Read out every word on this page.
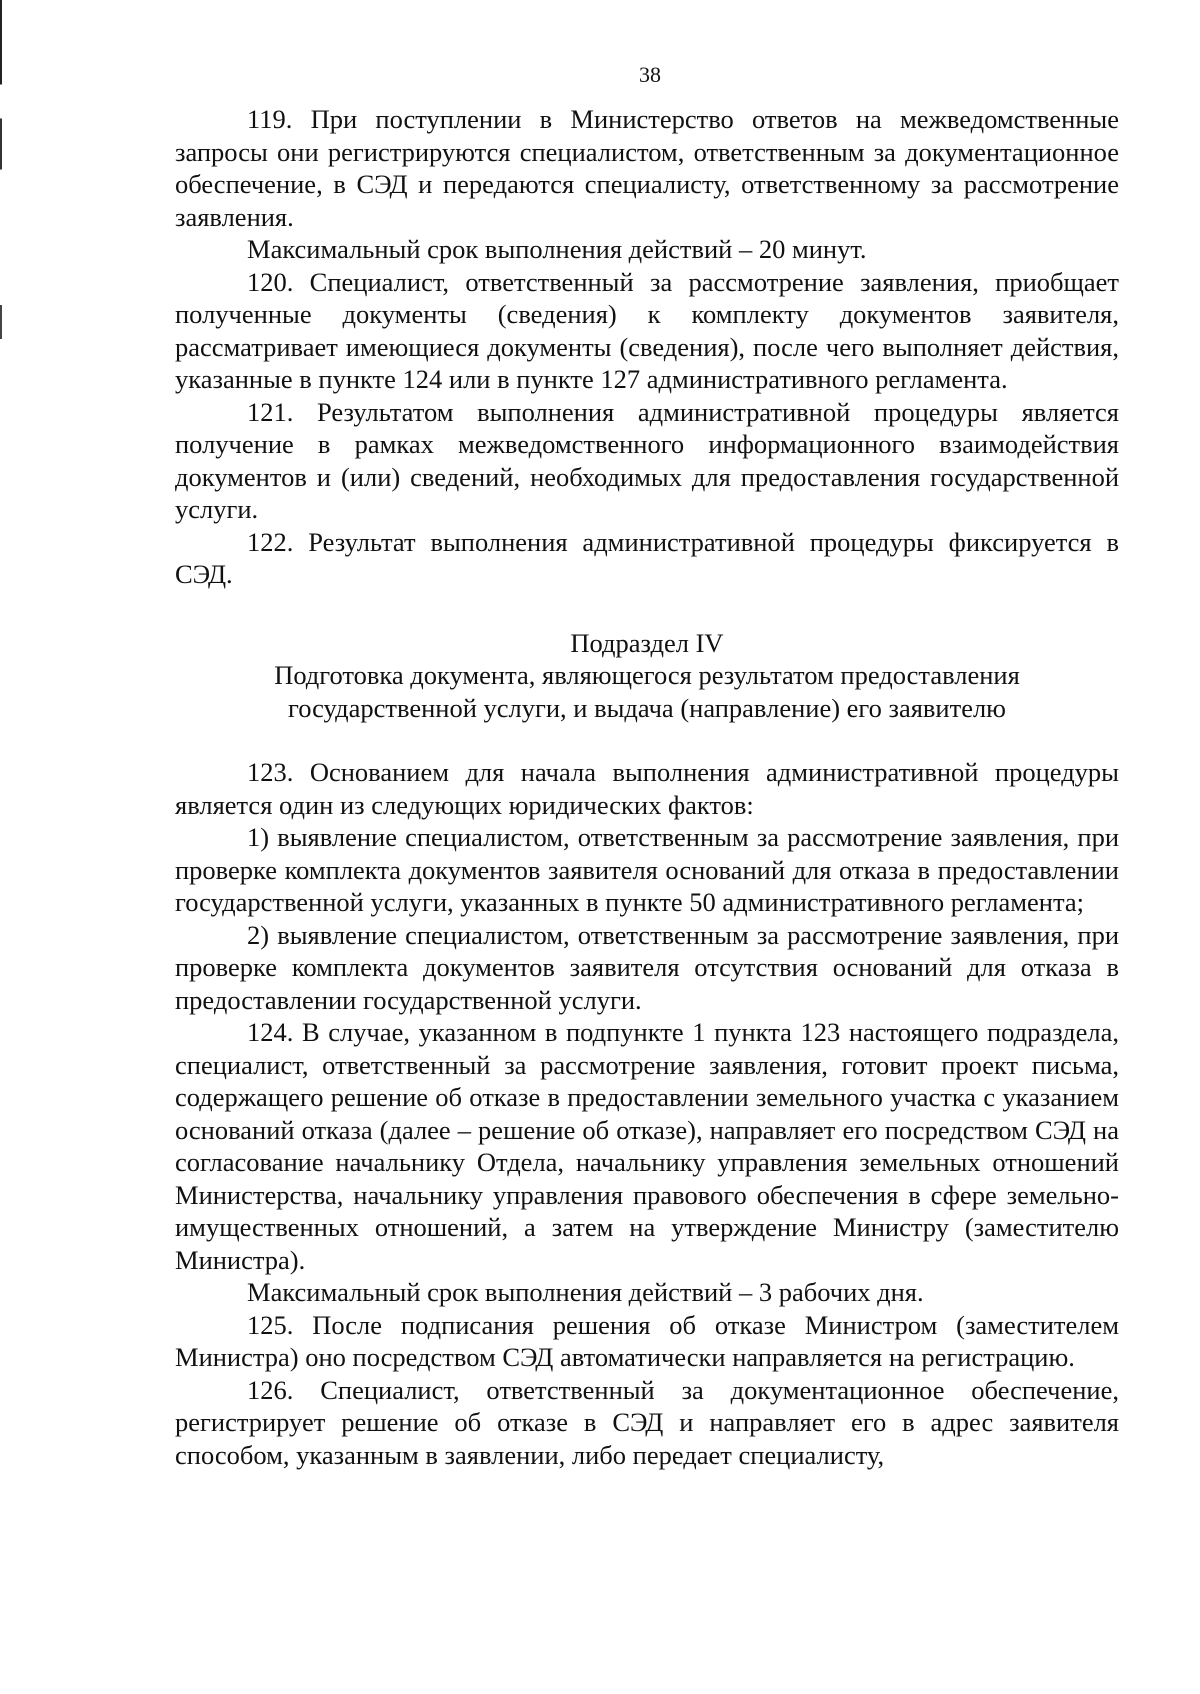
38

119. При поступлении в Министерство ответов на межведомственные запросы они регистрируются специалистом, ответственным за документационное обеспечение, в СЭД и передаются специалисту, ответственному за рассмотрение заявления.

Максимальный срок выполнения действий – 20 минут.

120. Специалист, ответственный за рассмотрение заявления, приобщает полученные документы (сведения) к комплекту документов заявителя, рассматривает имеющиеся документы (сведения), после чего выполняет действия, указанные в пункте 124 или в пункте 127 административного регламента.

121. Результатом выполнения административной процедуры является получение в рамках межведомственного информационного взаимодействия документов и (или) сведений, необходимых для предоставления государственной услуги.

122. Результат выполнения административной процедуры фиксируется в СЭД.

Подраздел IV

Подготовка документа, являющегося результатом предоставления

государственной услуги, и выдача (направление) его заявителю

123. Основанием для начала выполнения административной процедуры является один из следующих юридических фактов:

1) выявление специалистом, ответственным за рассмотрение заявления, при проверке комплекта документов заявителя оснований для отказа в предоставлении государственной услуги, указанных в пункте 50 административного регламента;

2) выявление специалистом, ответственным за рассмотрение заявления, при проверке комплекта документов заявителя отсутствия оснований для отказа в предоставлении государственной услуги.

124. В случае, указанном в подпункте 1 пункта 123 настоящего подраздела, специалист, ответственный за рассмотрение заявления, готовит проект письма, содержащего решение об отказе в предоставлении земельного участка с указанием оснований отказа (далее – решение об отказе), направляет его посредством СЭД на согласование начальнику Отдела, начальнику управления земельных отношений Министерства, начальнику управления правового обеспечения в сфере земельно-имущественных отношений, а затем на утверждение Министру (заместителю Министра).

Максимальный срок выполнения действий – 3 рабочих дня.

125. После подписания решения об отказе Министром (заместителем Министра) оно посредством СЭД автоматически направляется на регистрацию.

126. Специалист, ответственный за документационное обеспечение, регистрирует решение об отказе в СЭД и направляет его в адрес заявителя способом, указанным в заявлении, либо передает специалисту,
